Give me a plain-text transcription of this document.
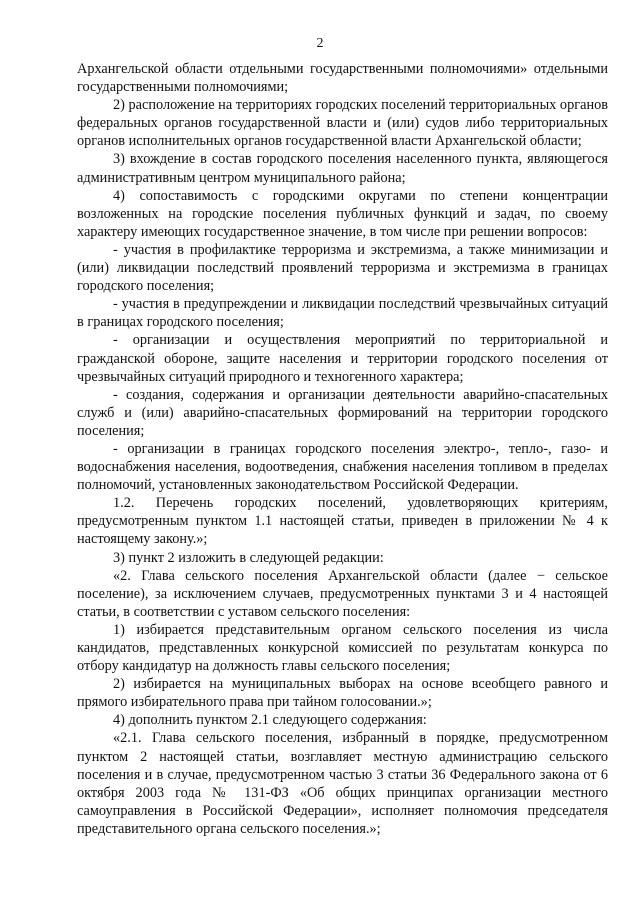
2

Архангельской области отдельными государственными полномочиями» отдельными государственными полномочиями;

2) расположение на территориях городских поселений территориальных органов федеральных органов государственной власти и (или) судов либо территориальных органов исполнительных органов государственной власти Архангельской области;

3) вхождение в состав городского поселения населенного пункта, являющегося административным центром муниципального района;

4) сопоставимость с городскими округами по степени концентрации возложенных на городские поселения публичных функций и задач, по своему характеру имеющих государственное значение, в том числе при решении вопросов:

- участия в профилактике терроризма и экстремизма, а также минимизации и (или) ликвидации последствий проявлений терроризма и экстремизма в границах городского поселения;

- участия в предупреждении и ликвидации последствий чрезвычайных ситуаций в границах городского поселения;

- организации и осуществления мероприятий по территориальной и гражданской обороне, защите населения и территории городского поселения от чрезвычайных ситуаций природного и техногенного характера;

- создания, содержания и организации деятельности аварийно-спасательных служб и (или) аварийно-спасательных формирований на территории городского поселения;

- организации в границах городского поселения электро-, тепло-, газо- и водоснабжения населения, водоотведения, снабжения населения топливом в пределах полномочий, установленных законодательством Российской Федерации.

1.2. Перечень городских поселений, удовлетворяющих критериям, предусмотренным пунктом 1.1 настоящей статьи, приведен в приложении № 4 к настоящему закону.»;

3) пункт 2 изложить в следующей редакции:

«2. Глава сельского поселения Архангельской области (далее − сельское поселение), за исключением случаев, предусмотренных пунктами 3 и 4 настоящей статьи, в соответствии с уставом сельского поселения:

1) избирается представительным органом сельского поселения из числа кандидатов, представленных конкурсной комиссией по результатам конкурса по отбору кандидатур на должность главы сельского поселения;

2) избирается на муниципальных выборах на основе всеобщего равного и прямого избирательного права при тайном голосовании.»;

4) дополнить пунктом 2.1 следующего содержания:

«2.1. Глава сельского поселения, избранный в порядке, предусмотренном пунктом 2 настоящей статьи, возглавляет местную администрацию сельского поселения и в случае, предусмотренном частью 3 статьи 36 Федерального закона от 6 октября 2003 года № 131-ФЗ «Об общих принципах организации местного самоуправления в Российской Федерации», исполняет полномочия председателя представительного органа сельского поселения.»;
